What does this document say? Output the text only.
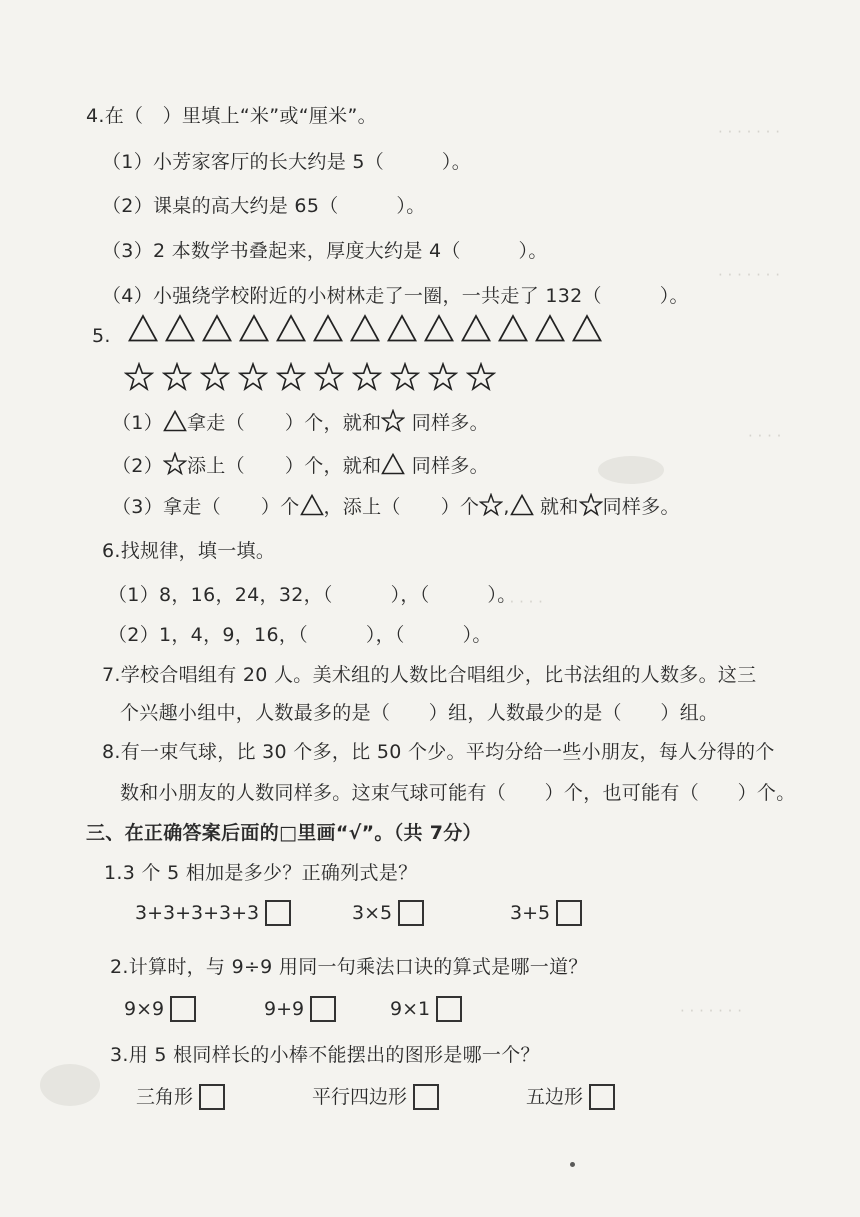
· · · · · · ·
· · · · · · ·
· · · ·
· · · · ·
· · · · · · ·
4.在（　）里填上“米”或“厘米”。
（1）小芳家客厅的长大约是 5（　　　）。
（2）课桌的高大约是 65（　　　）。
（3）2 本数学书叠起来，厚度大约是 4（　　　）。
（4）小强绕学校附近的小树林走了一圈，一共走了 132（　　　）。
5.
（1） 拿走（ ）个，就和 同样多。
（2） 添上（ ）个，就和 同样多。
（3）拿走（ ）个 ，添上（ ）个 , 就和 同样多。
6.找规律，填一填。
（1）8，16，24，32，（　　　），（　　　）。
（2）1，4，9，16，（　　　），（　　　）。
7.学校合唱组有 20 人。美术组的人数比合唱组少，比书法组的人数多。这三
个兴趣小组中，人数最多的是（　　）组，人数最少的是（　　）组。
8.有一束气球，比 30 个多，比 50 个少。平均分给一些小朋友，每人分得的个
数和小朋友的人数同样多。这束气球可能有（　　）个，也可能有（　　）个。
三、在正确答案后面的□里画“√”。（共 7分）
1.3 个 5 相加是多少？正确列式是？
3+3+3+3+3	3×5	3+5
2.计算时，与 9÷9 用同一句乘法口诀的算式是哪一道？
9×9	9+9	9×1
3.用 5 根同样长的小棒不能摆出的图形是哪一个？
三角形	平行四边形	五边形
